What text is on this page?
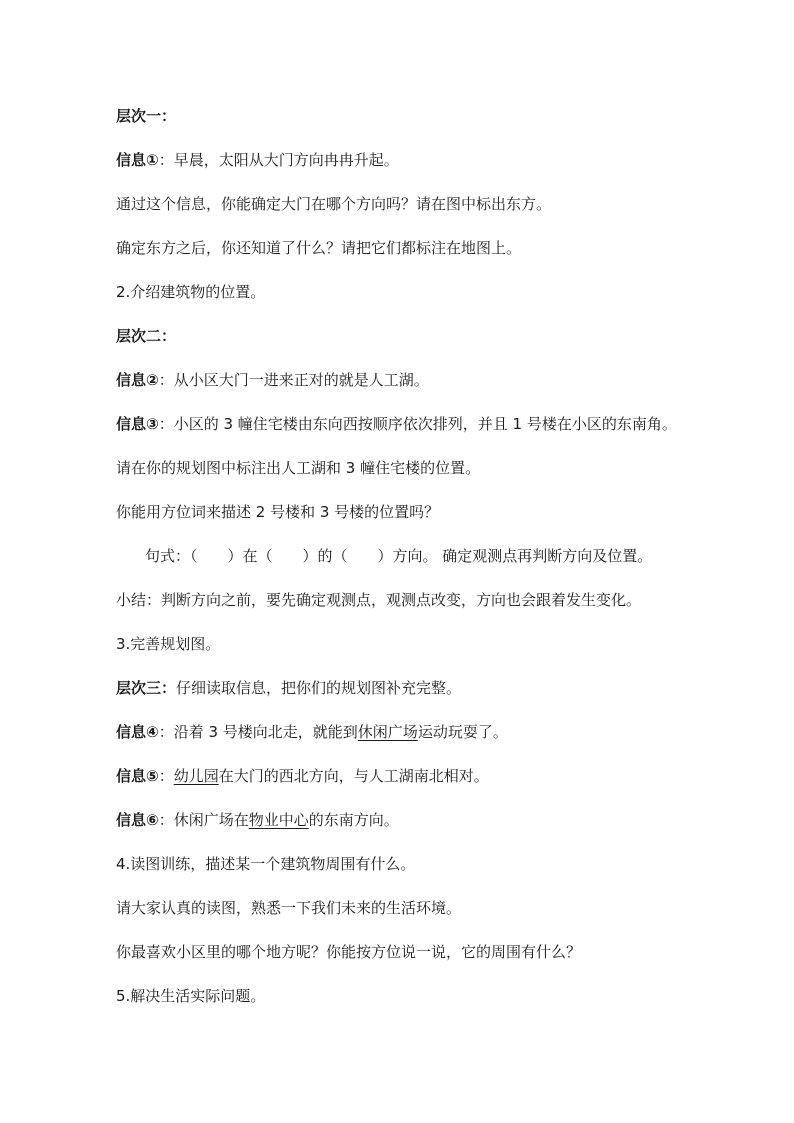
层次一：
信息①：早晨，太阳从大门方向冉冉升起。
通过这个信息，你能确定大门在哪个方向吗？请在图中标出东方。
确定东方之后，你还知道了什么？请把它们都标注在地图上。
2.介绍建筑物的位置。
层次二：
信息②：从小区大门一进来正对的就是人工湖。
信息③：小区的 3 幢住宅楼由东向西按顺序依次排列，并且 1 号楼在小区的东南角。
请在你的规划图中标注出人工湖和 3 幢住宅楼的位置。
你能用方位词来描述 2 号楼和 3 号楼的位置吗？
句式：（　　）在（　　）的（　　）方向。 确定观测点再判断方向及位置。
小结：判断方向之前，要先确定观测点，观测点改变，方向也会跟着发生变化。
3.完善规划图。
层次三：仔细读取信息，把你们的规划图补充完整。
信息④：沿着 3 号楼向北走，就能到休闲广场运动玩耍了。
信息⑤：幼儿园在大门的西北方向，与人工湖南北相对。
信息⑥：休闲广场在物业中心的东南方向。
4.读图训练，描述某一个建筑物周围有什么。
请大家认真的读图，熟悉一下我们未来的生活环境。
你最喜欢小区里的哪个地方呢？你能按方位说一说，它的周围有什么？
5.解决生活实际问题。
